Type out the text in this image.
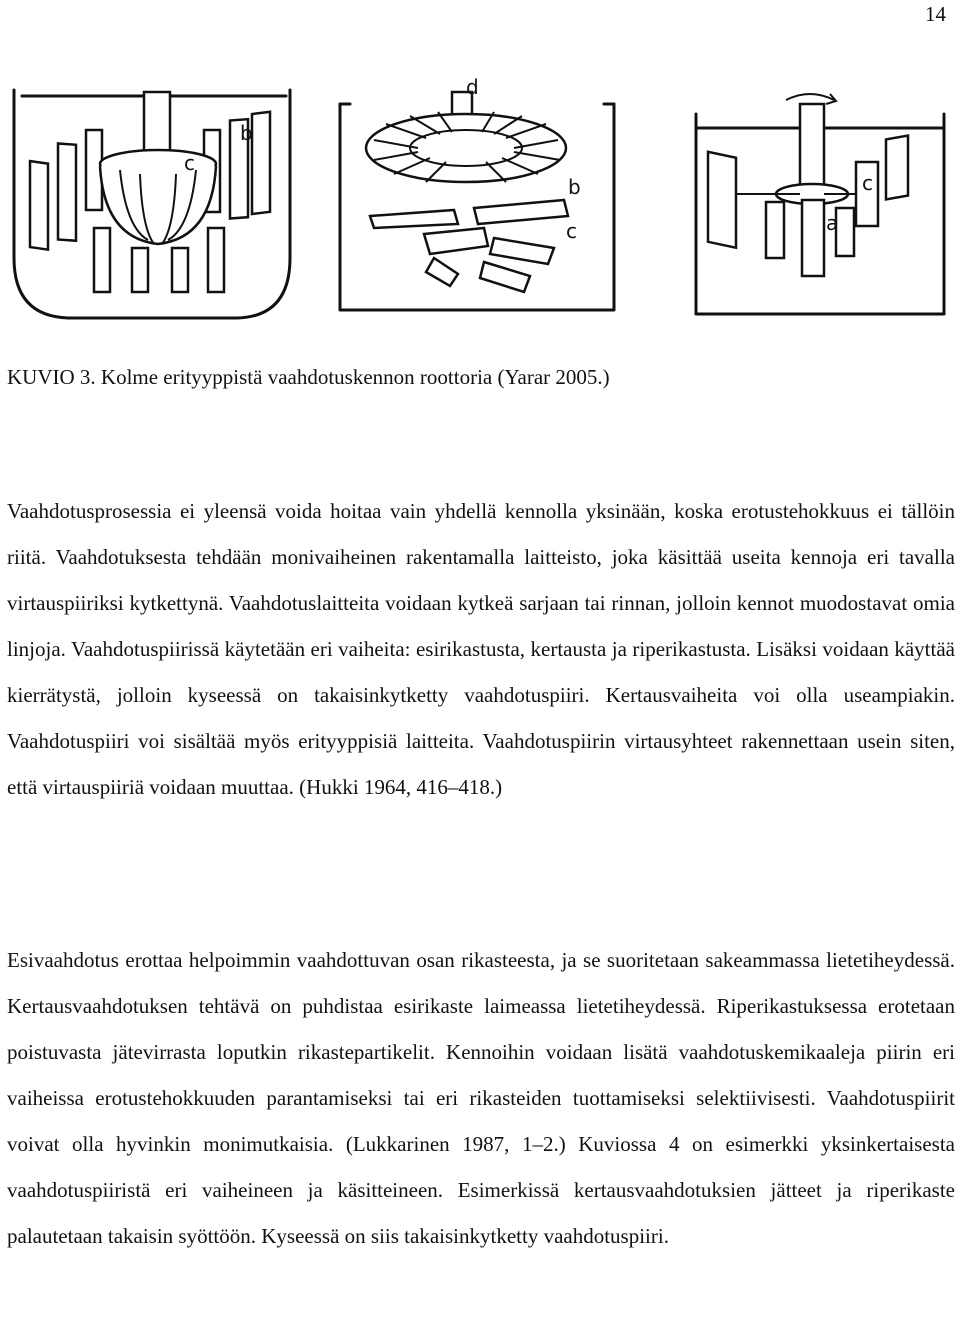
14
b
c
d
b
c
c
a

KUVIO 3. Kolme erityyppistä vaahdotuskennon roottoria (Yarar 2005.)

Vaahdotusprosessia ei yleensä voida hoitaa vain yhdellä kennolla yksinään, koska erotustehokkuus ei tällöin riitä. Vaahdotuksesta tehdään monivaiheinen rakentamalla laitteisto, joka käsittää useita kennoja eri tavalla virtauspiiriksi kytkettynä. Vaahdotuslaitteita voidaan kytkeä sarjaan tai rinnan, jolloin kennot muodostavat omia linjoja. Vaahdotuspiirissä käytetään eri vaiheita: esirikastusta, kertausta ja riperikastusta. Lisäksi voidaan käyttää kierrätystä, jolloin kyseessä on takaisinkytketty vaahdotuspiiri. Kertausvaiheita voi olla useampiakin. Vaahdotuspiiri voi sisältää myös erityyppisiä laitteita. Vaahdotuspiirin virtausyhteet rakennettaan usein siten, että virtauspiiriä voidaan muuttaa. (Hukki 1964, 416–418.)

Esivaahdotus erottaa helpoimmin vaahdottuvan osan rikasteesta, ja se suoritetaan sakeammassa lietetiheydessä. Kertausvaahdotuksen tehtävä on puhdistaa esirikaste laimeassa lietetiheydessä. Riperikastuksessa erotetaan poistuvasta jätevirrasta loputkin rikastepartikelit. Kennoihin voidaan lisätä vaahdotuskemikaaleja piirin eri vaiheissa erotustehokkuuden parantamiseksi tai eri rikasteiden tuottamiseksi selektiivisesti. Vaahdotuspiirit voivat olla hyvinkin monimutkaisia. (Lukkarinen 1987, 1–2.) Kuviossa 4 on esimerkki yksinkertaisesta vaahdotuspiiristä eri vaiheineen ja käsitteineen. Esimerkissä kertausvaahdotuksien jätteet ja riperikaste palautetaan takaisin syöttöön. Kyseessä on siis takaisinkytketty vaahdotuspiiri.
